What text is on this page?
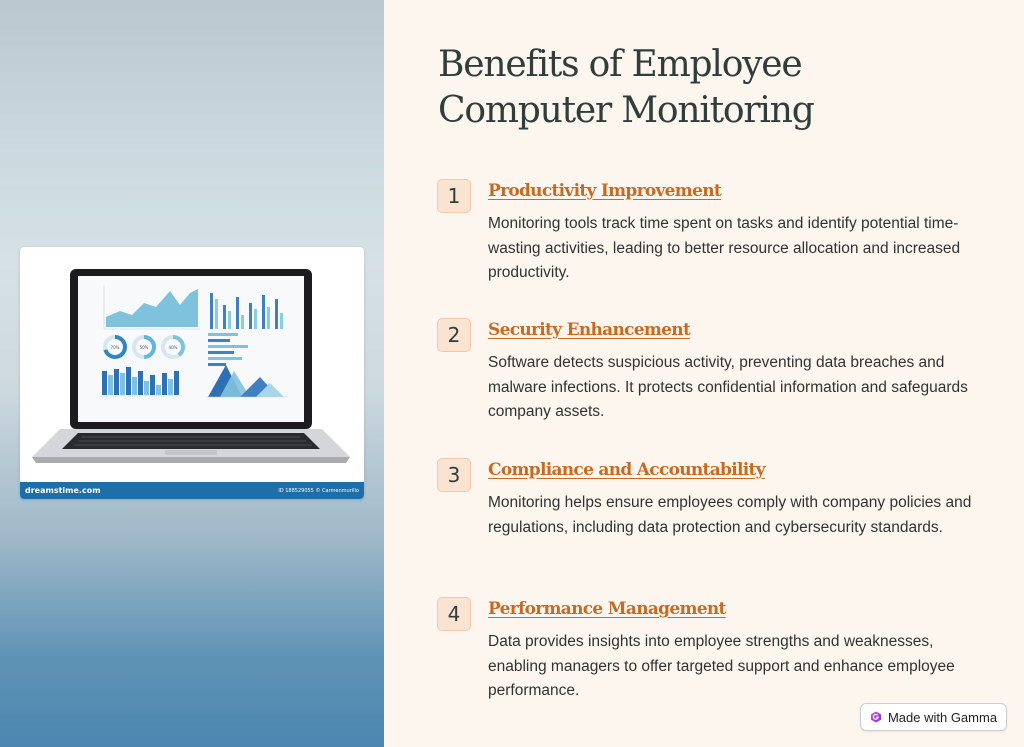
70%	50%	40%
dreamstime.com	ID 188529055 © Carmenmurillo
Benefits of Employee Computer Monitoring
1	Productivity Improvement

Monitoring tools track time spent on tasks and identify potential time-wasting activities, leading to better resource allocation and increased productivity.

2	Security Enhancement

Software detects suspicious activity, preventing data breaches and malware infections. It protects confidential information and safeguards company assets.

3	Compliance and Accountability

Monitoring helps ensure employees comply with company policies and regulations, including data protection and cybersecurity standards.

4	Performance Management

Data provides insights into employee strengths and weaknesses, enabling managers to offer targeted support and enhance employee performance.

Made with Gamma
